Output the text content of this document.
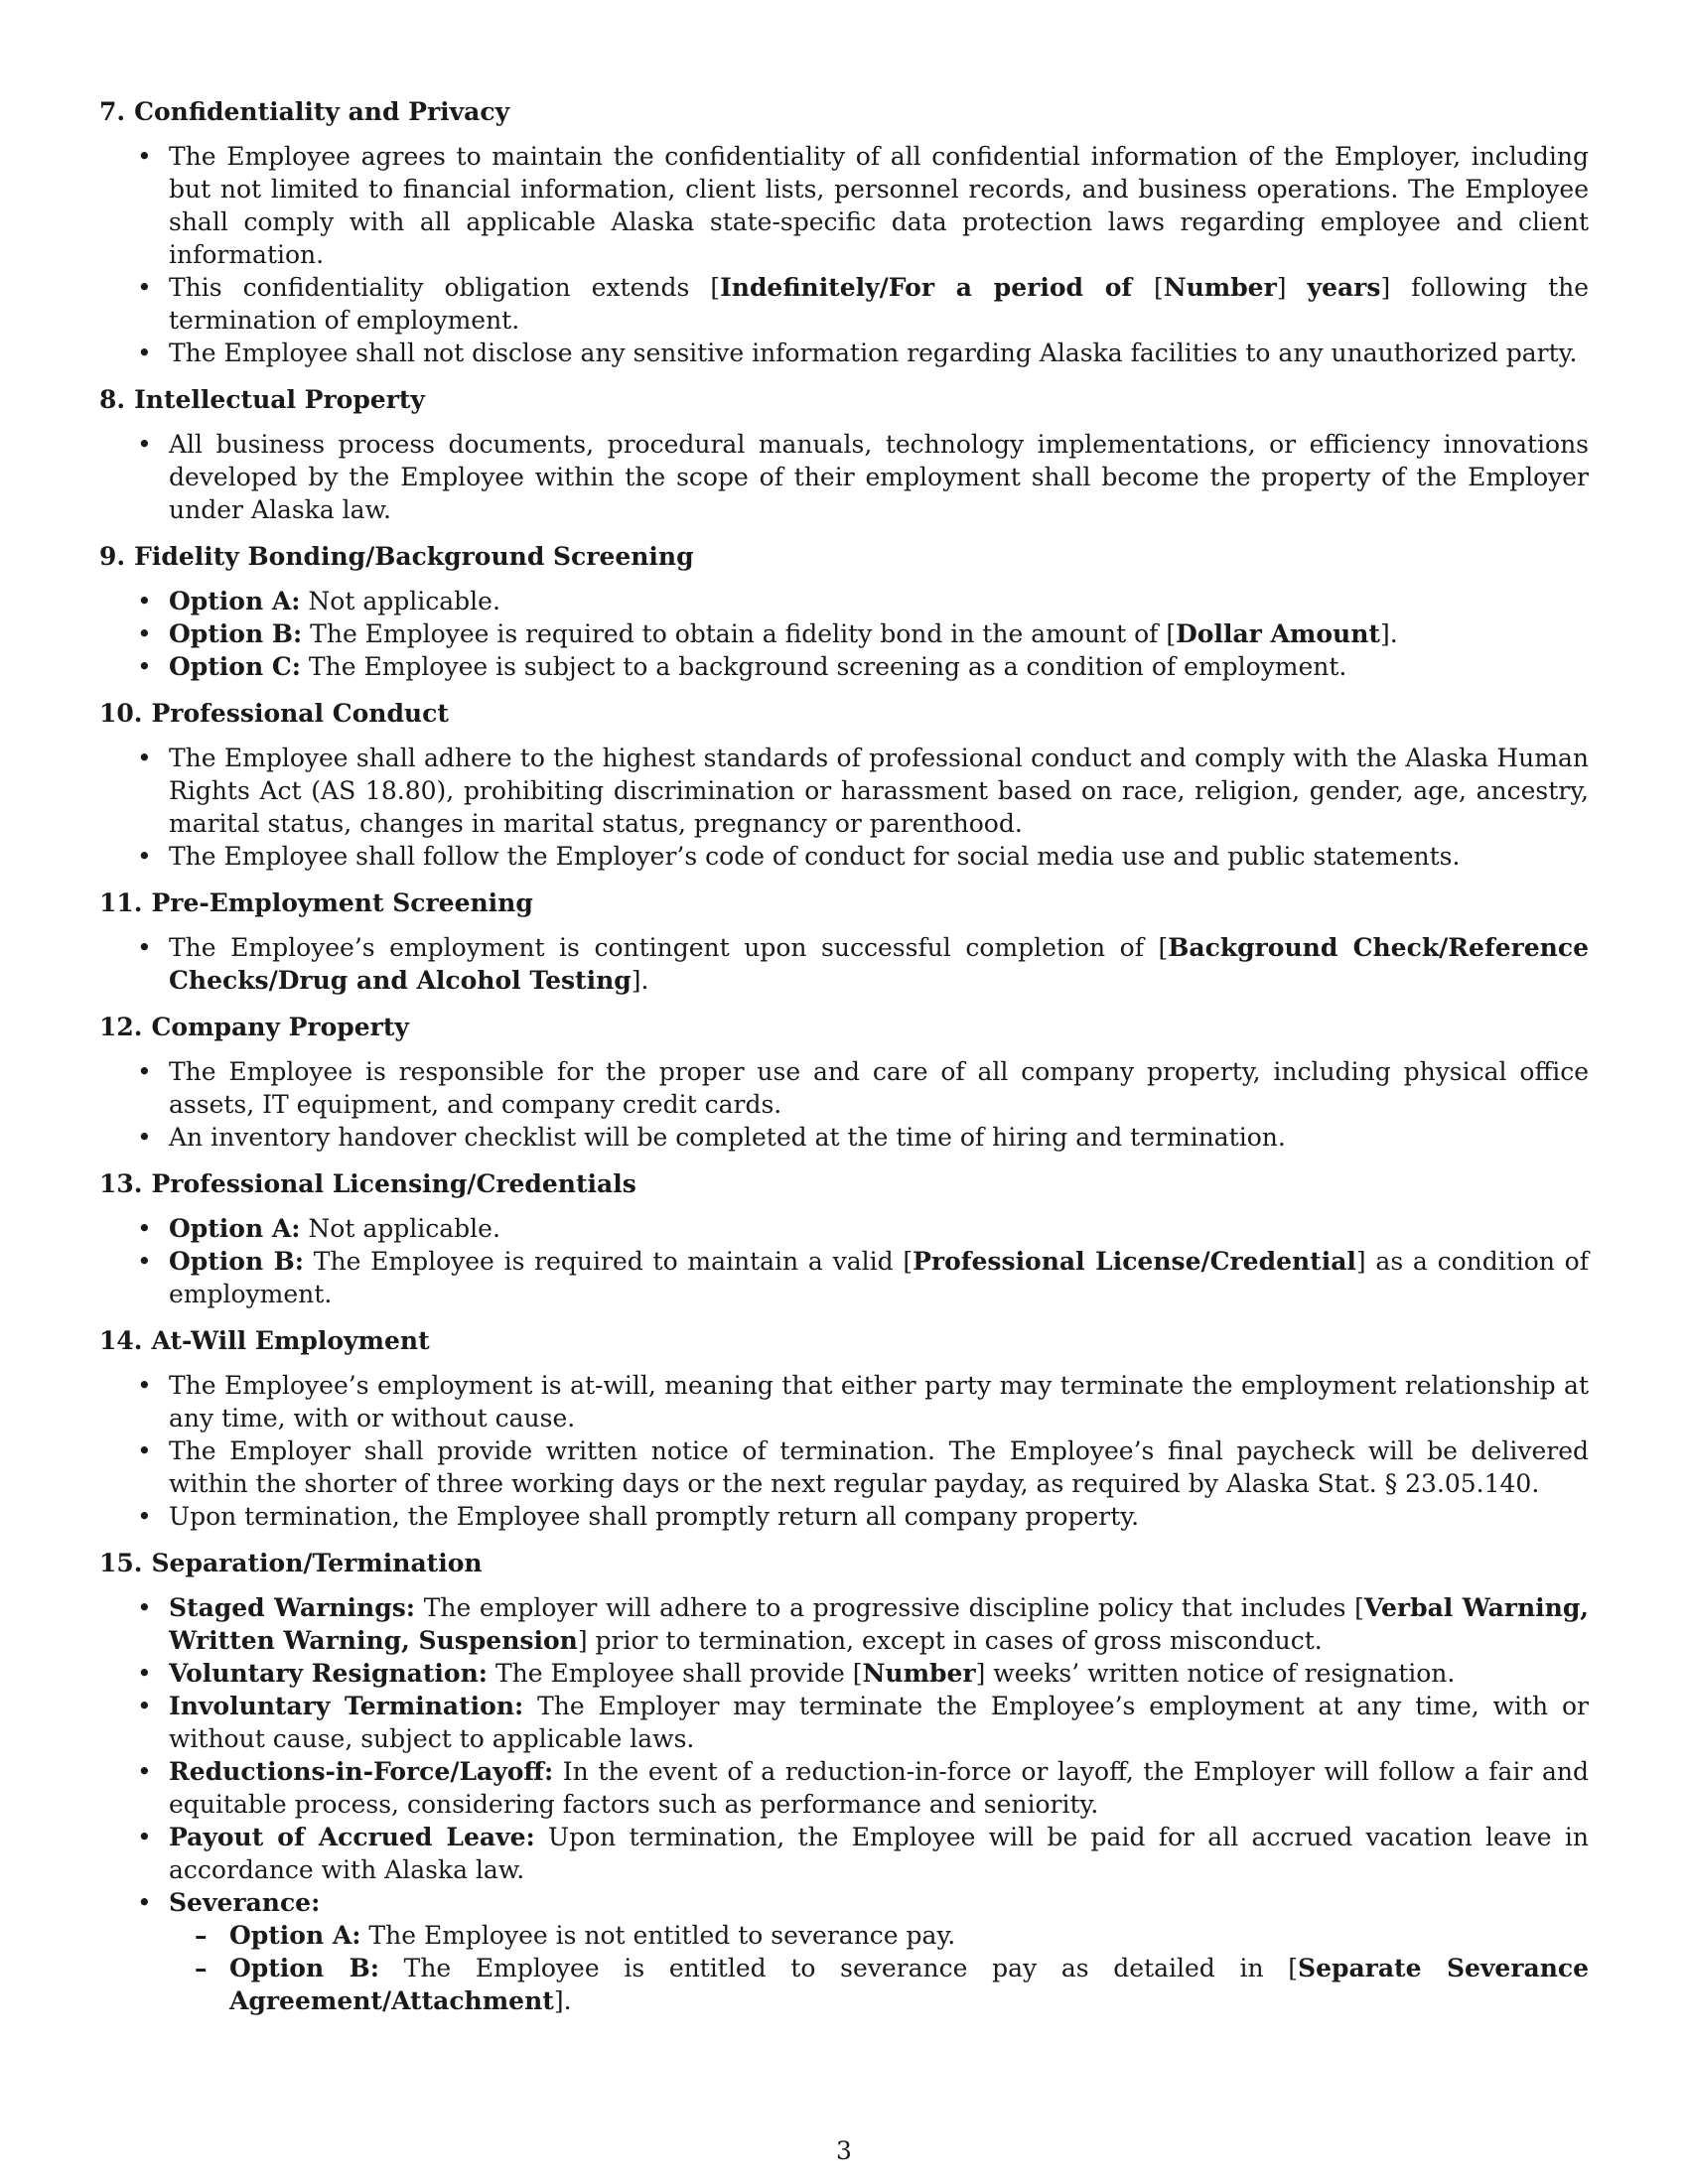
7. Confidentiality and Privacy
• The Employee agrees to maintain the confidentiality of all confidential information of the Employer, including but not limited to financial information, client lists, personnel records, and business operations. The Employee shall comply with all applicable Alaska state-specific data protection laws regarding employee and client information.
• This confidentiality obligation extends [Indefinitely/For a period of [Number] years] following the termination of employment.
• The Employee shall not disclose any sensitive information regarding Alaska facilities to any unauthorized party.
8. Intellectual Property
• All business process documents, procedural manuals, technology implementations, or efficiency innovations developed by the Employee within the scope of their employment shall become the property of the Employer under Alaska law.
9. Fidelity Bonding/Background Screening
• Option A: Not applicable.
• Option B: The Employee is required to obtain a fidelity bond in the amount of [Dollar Amount].
• Option C: The Employee is subject to a background screening as a condition of employment.
10. Professional Conduct
• The Employee shall adhere to the highest standards of professional conduct and comply with the Alaska Human Rights Act (AS 18.80), prohibiting discrimination or harassment based on race, religion, gender, age, ancestry, marital status, changes in marital status, pregnancy or parenthood.
• The Employee shall follow the Employer’s code of conduct for social media use and public statements.
11. Pre-Employment Screening
• The Employee’s employment is contingent upon successful completion of [Background Check/Reference Checks/Drug and Alcohol Testing].
12. Company Property
• The Employee is responsible for the proper use and care of all company property, including physical office assets, IT equipment, and company credit cards.
• An inventory handover checklist will be completed at the time of hiring and termination.
13. Professional Licensing/Credentials
• Option A: Not applicable.
• Option B: The Employee is required to maintain a valid [Professional License/Credential] as a condition of employment.
14. At-Will Employment
• The Employee’s employment is at-will, meaning that either party may terminate the employment relationship at any time, with or without cause.
• The Employer shall provide written notice of termination. The Employee’s final paycheck will be delivered within the shorter of three working days or the next regular payday, as required by Alaska Stat. § 23.05.140.
• Upon termination, the Employee shall promptly return all company property.
15. Separation/Termination
• Staged Warnings: The employer will adhere to a progressive discipline policy that includes [Verbal Warning, Written Warning, Suspension] prior to termination, except in cases of gross misconduct.
• Voluntary Resignation: The Employee shall provide [Number] weeks’ written notice of resignation.
• Involuntary Termination: The Employer may terminate the Employee’s employment at any time, with or without cause, subject to applicable laws.
• Reductions-in-Force/Layoff: In the event of a reduction-in-force or layoff, the Employer will follow a fair and equitable process, considering factors such as performance and seniority.
• Payout of Accrued Leave: Upon termination, the Employee will be paid for all accrued vacation leave in accordance with Alaska law.
• Severance:
– Option A: The Employee is not entitled to severance pay.
– Option B: The Employee is entitled to severance pay as detailed in [Separate Severance Agreement/Attachment].
3
